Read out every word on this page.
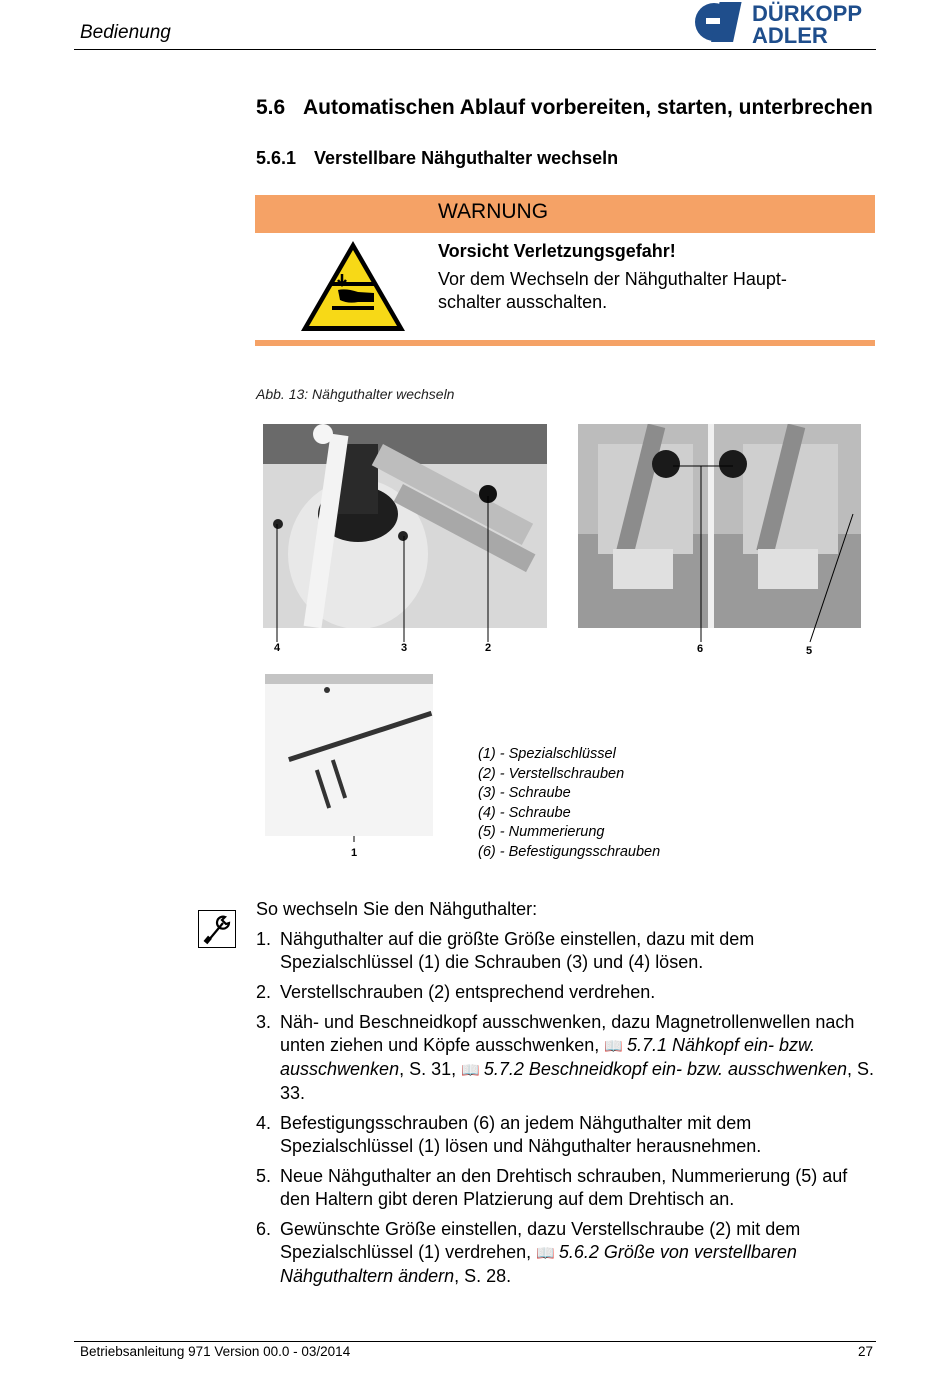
Bedienung
DÜRKOPP
ADLER
5.6 Automatischen Ablauf vorbereiten, starten, unterbrechen
5.6.1 Verstellbare Nähguthalter wechseln
WARNUNG
Vorsicht Verletzungsgefahr!
Vor dem Wechseln der Nähguthalter Haupt-
schalter ausschalten.
Abb. 13: Nähguthalter wechseln
4	3	2	6	5
1
(1) - Spezialschlüssel
(2) - Verstellschrauben
(3) - Schraube
(4) - Schraube
(5) - Nummerierung
(6) - Befestigungsschrauben
So wechseln Sie den Nähguthalter:
1. Nähguthalter auf die größte Größe einstellen, dazu mit dem Spezialschlüssel (1) die Schrauben (3) und (4) lösen.
2. Verstellschrauben (2) entsprechend verdrehen.
3. Näh- und Beschneidkopf ausschwenken, dazu Magnetrollenwellen nach unten ziehen und Köpfe ausschwenken, 📖 5.7.1 Nähkopf ein- bzw. ausschwenken, S. 31, 📖 5.7.2 Beschneidkopf ein- bzw. ausschwenken, S. 33.
4. Befestigungsschrauben (6) an jedem Nähguthalter mit dem Spezialschlüssel (1) lösen und Nähguthalter herausnehmen.
5. Neue Nähguthalter an den Drehtisch schrauben, Nummerierung (5) auf den Haltern gibt deren Platzierung auf dem Drehtisch an.
6. Gewünschte Größe einstellen, dazu Verstellschraube (2) mit dem Spezialschlüssel (1) verdrehen, 📖 5.6.2 Größe von verstellbaren Nähguthaltern ändern, S. 28.
Betriebsanleitung 971 Version 00.0 - 03/2014	27
